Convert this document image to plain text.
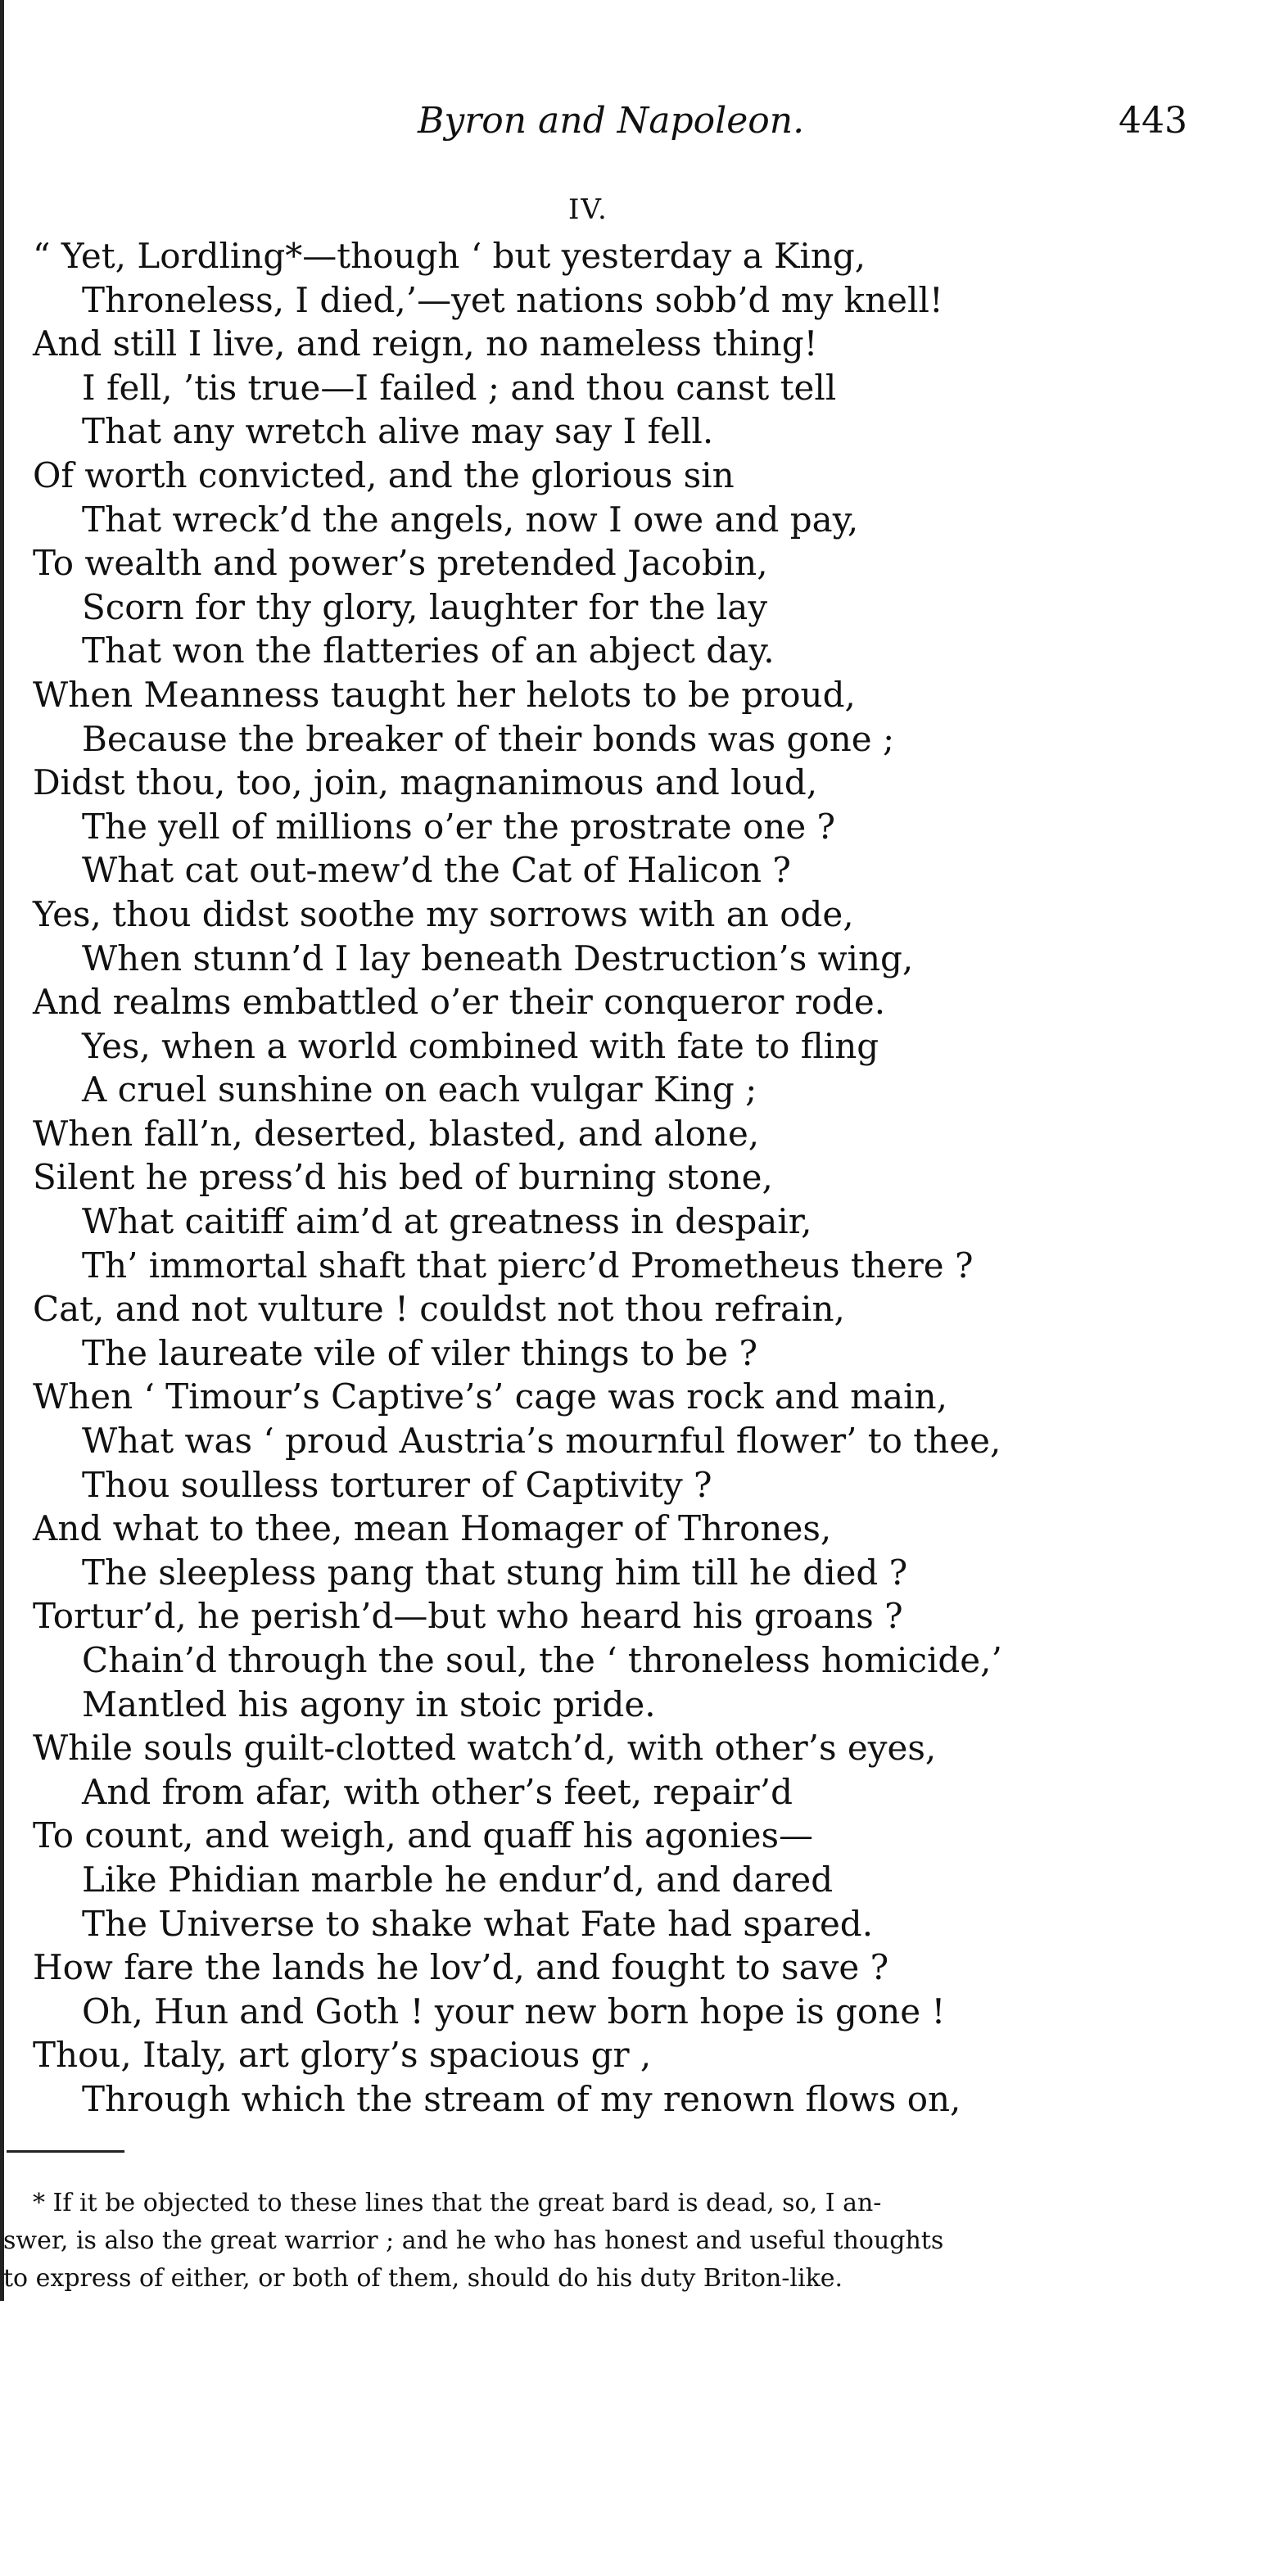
Byron and Napoleon.	443
IV.
“ Yet, Lordling*—though ‘ but yesterday a King,
Throneless, I died,’—yet nations sobb’d my knell!
And still I live, and reign, no nameless thing!
I fell, ’tis true—I failed ; and thou canst tell
That any wretch alive may say I fell.
Of worth convicted, and the glorious sin
That wreck’d the angels, now I owe and pay,
To wealth and power’s pretended Jacobin,
Scorn for thy glory, laughter for the lay
That won the flatteries of an abject day.
When Meanness taught her helots to be proud,
Because the breaker of their bonds was gone ;
Didst thou, too, join, magnanimous and loud,
The yell of millions o’er the prostrate one ?
What cat out-mew’d the Cat of Halicon ?
Yes, thou didst soothe my sorrows with an ode,
When stunn’d I lay beneath Destruction’s wing,
And realms embattled o’er their conqueror rode.
Yes, when a world combined with fate to fling
A cruel sunshine on each vulgar King ;
When fall’n, deserted, blasted, and alone,
Silent he press’d his bed of burning stone,
What caitiff aim’d at greatness in despair,
Th’ immortal shaft that pierc’d Prometheus there ?
Cat, and not vulture ! couldst not thou refrain,
The laureate vile of viler things to be ?
When ‘ Timour’s Captive’s’ cage was rock and main,
What was ‘ proud Austria’s mournful flower’ to thee,
Thou soulless torturer of Captivity ?
And what to thee, mean Homager of Thrones,
The sleepless pang that stung him till he died ?
Tortur’d, he perish’d—but who heard his groans ?
Chain’d through the soul, the ‘ throneless homicide,’
Mantled his agony in stoic pride.
While souls guilt-clotted watch’d, with other’s eyes,
And from afar, with other’s feet, repair’d
To count, and weigh, and quaff his agonies—
Like Phidian marble he endur’d, and dared
The Universe to shake what Fate had spared.
How fare the lands he lov’d, and fought to save ?
Oh, Hun and Goth ! your new born hope is gone !
Thou, Italy, art glory’s spacious gr ,
Through which the stream of my renown flows on,
* If it be objected to these lines that the great bard is dead, so, I an-
swer, is also the great warrior ; and he who has honest and useful thoughts
to express of either, or both of them, should do his duty Briton-like.
